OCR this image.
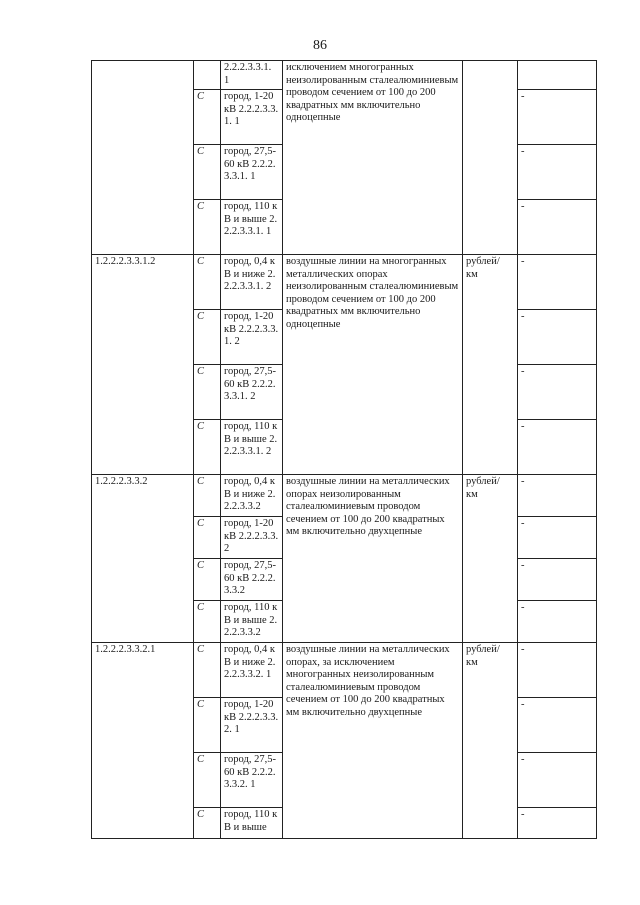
86
		2.2.2.3.3.1. 1	исключением многогранных неизолированным сталеалюминиевым проводом сечением от 100 до 200 квадратных мм включительно одноцепные		
	C	город, 1-20 кВ 2.2.2.3.3.1. 1			-
	C	город, 27,5-60 кВ 2.2.2.3.3.1. 1			-
	C	город, 110 кВ и выше 2.2.2.3.3.1. 1			-
1.2.2.2.3.3.1.2	C	город, 0,4 кВ и ниже 2.2.2.3.3.1. 2	воздушные линии на многогранных металлических опорах неизолированным сталеалюминиевым проводом сечением от 100 до 200 квадратных мм включительно одноцепные	рублей/ км	-
	C	город, 1-20 кВ 2.2.2.3.3.1. 2			-
	C	город, 27,5-60 кВ 2.2.2.3.3.1. 2			-
	C	город, 110 кВ и выше 2.2.2.3.3.1. 2			-
1.2.2.2.3.3.2	C	город, 0,4 кВ и ниже 2.2.2.3.3.2	воздушные линии на металлических опорах неизолированным сталеалюминиевым проводом сечением от 100 до 200 квадратных мм включительно двухцепные	рублей/ км	-
	C	город, 1-20 кВ 2.2.2.3.3.2			-
	C	город, 27,5-60 кВ 2.2.2.3.3.2			-
	C	город, 110 кВ и выше 2.2.2.3.3.2			-
1.2.2.2.3.3.2.1	C	город, 0,4 кВ и ниже 2.2.2.3.3.2. 1	воздушные линии на металлических опорах, за исключением многогранных неизолированным сталеалюминиевым проводом сечением от 100 до 200 квадратных мм включительно двухцепные	рублей/ км	-
	C	город, 1-20 кВ 2.2.2.3.3.2. 1			-
	C	город, 27,5-60 кВ 2.2.2.3.3.2. 1			-
	C	город, 110 кВ и выше			-
